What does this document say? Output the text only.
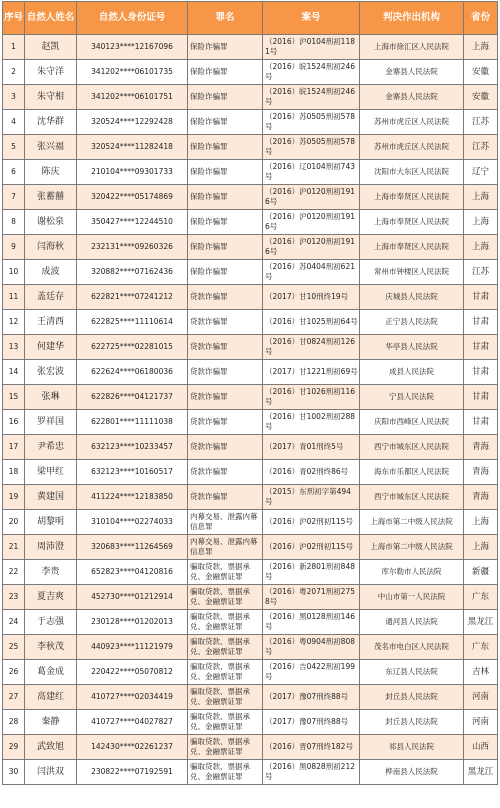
序号	自然人姓名	自然人身份证号	罪名	案号	判决作出机构	省份
1	赵凯	340123****12167096	保险诈骗罪	（2016）沪0104刑初1181号	上海市徐汇区人民法院	上海
2	朱守洋	341202****06101735	保险诈骗罪	（2016）皖1524刑初246号	金寨县人民法院	安徽
3	朱守相	341202****06101751	保险诈骗罪	（2016）皖1524刑初246号	金寨县人民法院	安徽
4	沈华群	320524****12292428	保险诈骗罪	（2016）苏0505刑初578号	苏州市虎丘区人民法院	江苏
5	张兴福	320524****11282418	保险诈骗罪	（2016）苏0505刑初578号	苏州市虎丘区人民法院	江苏
6	陈庆	210104****09301733	保险诈骗罪	（2016）辽0104刑初743号	沈阳市大东区人民法院	辽宁
7	张蓄囍	320422****05174869	保险诈骗罪	（2016）沪0120刑初1916号	上海市奉贤区人民法院	上海
8	谢松泉	350427****12244510	保险诈骗罪	（2016）沪0120刑初1916号	上海市奉贤区人民法院	上海
9	闫海秋	232131****09260326	保险诈骗罪	（2016）沪0120刑初1916号	上海市奉贤区人民法院	上海
10	成波	320882****07162436	保险诈骗罪	（2016）苏0404刑初621号	常州市钟楼区人民法院	江苏
11	盖廷存	622821****07241212	贷款诈骗罪	（2017）甘10刑终19号	庆城县人民法院	甘肃
12	王清西	622825****11110614	贷款诈骗罪	（2016）甘1025刑初64号	正宁县人民法院	甘肃
13	何建华	622725****02281015	贷款诈骗罪	（2016）甘0824刑初126号	华亭县人民法院	甘肃
14	张宏波	622624****06180036	贷款诈骗罪	（2017）甘1221刑初69号	成县人民法院	甘肃
15	张琳	622826****04121737	贷款诈骗罪	（2016）甘1026刑初116号	宁县人民法院	甘肃
16	罗祥国	622801****11111038	贷款诈骗罪	（2016）甘1002刑初288号	庆阳市西峰区人民法院	甘肃
17	尹希忠	632123****10233457	贷款诈骗罪	（2017）青01刑终5号	西宁市城东区人民法院	青海
18	梁甲红	632123****10160517	贷款诈骗罪	（2016）青02刑终86号	海东市乐都区人民法院	青海
19	黄建国	411224****12183850	贷款诈骗罪	（2015）东刑初字第494号	西宁市城东区人民法院	青海
20	胡黎明	310104****02274033	内幕交易、泄露内幕信息罪	（2016）沪02刑初115号	上海市第二中级人民法院	上海
21	周沛澄	320683****11264569	内幕交易、泄露内幕信息罪	（2016）沪02刑初115号	上海市第二中级人民法院	上海
22	李贵	652823****04120816	骗取贷款、票据承兑、金融票证罪	（2016）新2801刑初848号	库尔勒市人民法院	新疆
23	夏吉爽	452730****01212914	骗取贷款、票据承兑、金融票证罪	（2016）粤2071刑初2758号	中山市第一人民法院	广东
24	于志强	230128****01202013	骗取贷款、票据承兑、金融票证罪	（2016）黑0128刑初146号	通河县人民法院	黑龙江
25	李秋茂	440923****11121979	骗取贷款、票据承兑、金融票证罪	（2016）粤0904刑初808号	茂名市电白区人民法院	广东
26	葛金成	220422****05070812	骗取贷款、票据承兑、金融票证罪	（2016）吉0422刑初199号	东辽县人民法院	吉林
27	高建红	410727****02034419	骗取贷款、票据承兑、金融票证罪	（2017）豫07刑终88号	封丘县人民法院	河南
28	秦静	410727****04027827	骗取贷款、票据承兑、金融票证罪	（2017）豫07刑终88号	封丘县人民法院	河南
29	武致旭	142430****02261237	骗取贷款、票据承兑、金融票证罪	（2016）晋07刑终182号	祁县人民法院	山西
30	闫洪双	230822****07192591	骗取贷款、票据承兑、金融票证罪	（2016）黑0828刑初212号	桦南县人民法院	黑龙江
